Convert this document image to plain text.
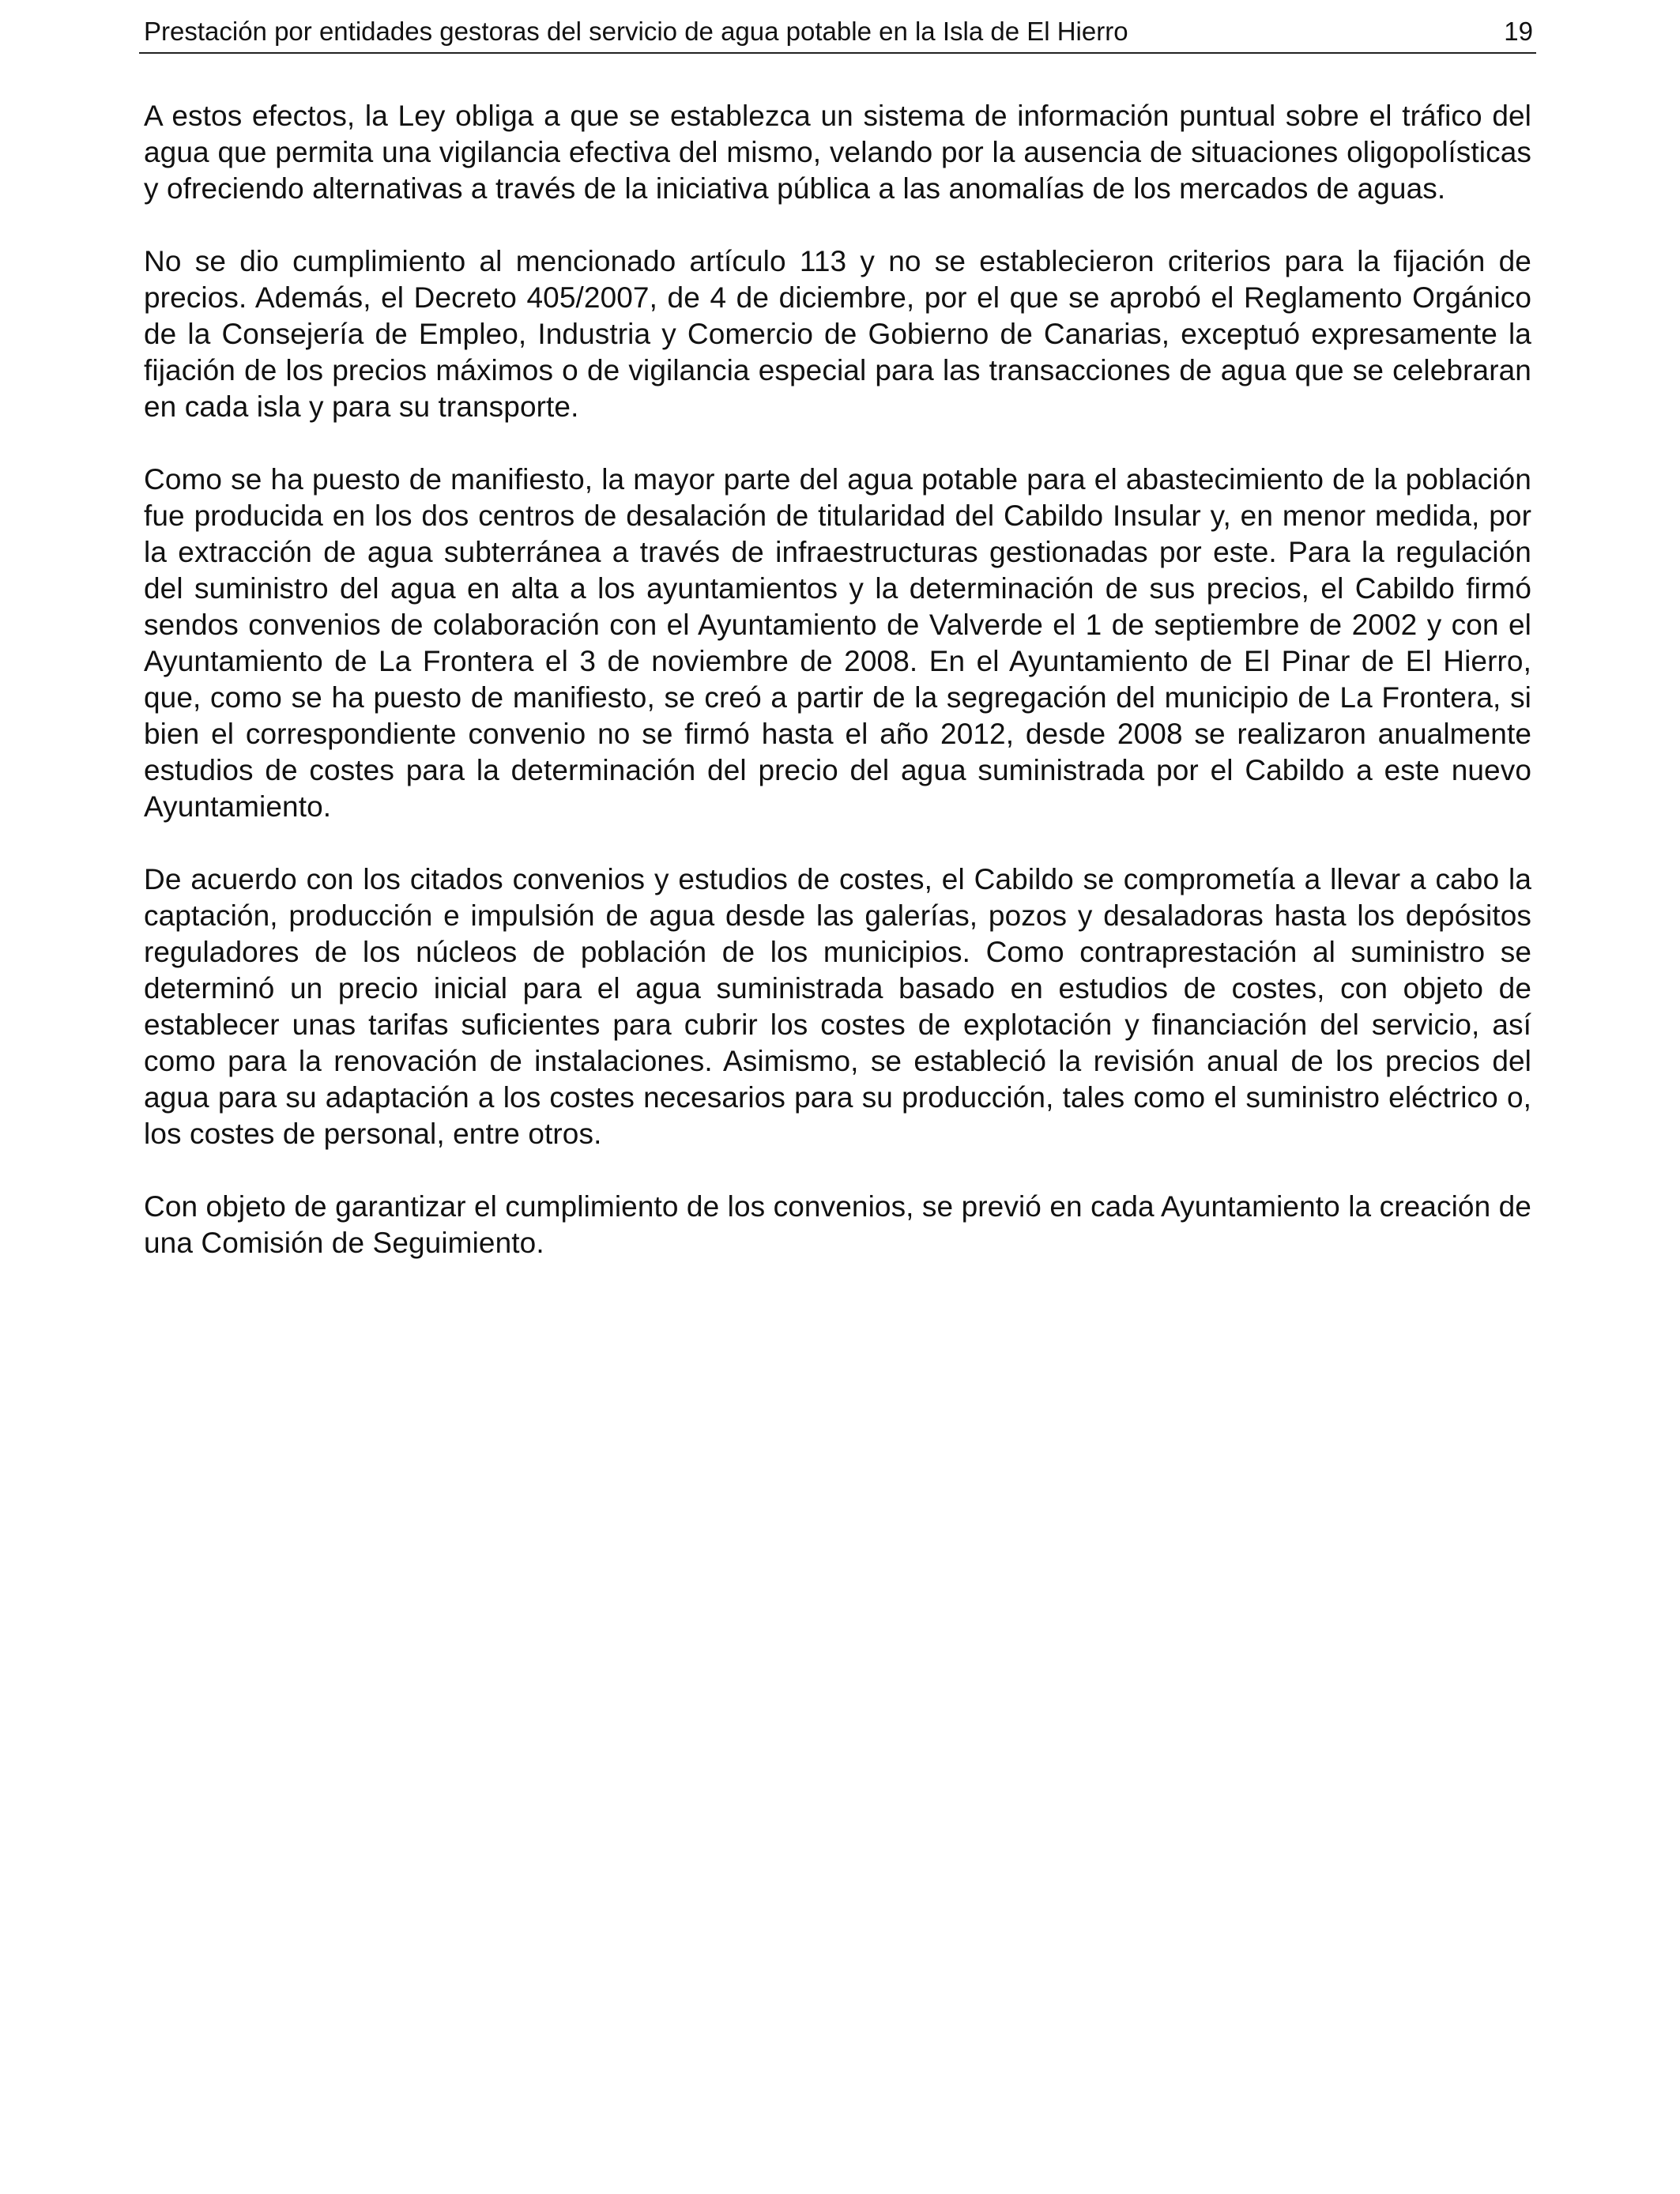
Prestación por entidades gestoras del servicio de agua potable en la Isla de El Hierro	19

A estos efectos, la Ley obliga a que se establezca un sistema de información puntual sobre el tráfico del agua que permita una vigilancia efectiva del mismo, velando por la ausencia de situaciones oligopolísticas y ofreciendo alternativas a través de la iniciativa pública a las anomalías de los mercados de aguas.

No se dio cumplimiento al mencionado artículo 113 y no se establecieron criterios para la fijación de precios. Además, el Decreto 405/2007, de 4 de diciembre, por el que se aprobó el Reglamento Orgánico de la Consejería de Empleo, Industria y Comercio de Gobierno de Canarias, exceptuó expresamente la fijación de los precios máximos o de vigilancia especial para las transacciones de agua que se celebraran en cada isla y para su transporte.

Como se ha puesto de manifiesto, la mayor parte del agua potable para el abastecimiento de la población fue producida en los dos centros de desalación de titularidad del Cabildo Insular y, en menor medida, por la extracción de agua subterránea a través de infraestructuras gestionadas por este. Para la regulación del suministro del agua en alta a los ayuntamientos y la determinación de sus precios, el Cabildo firmó sendos convenios de colaboración con el Ayuntamiento de Valverde el 1 de septiembre de 2002 y con el Ayuntamiento de La Frontera el 3 de noviembre de 2008. En el Ayuntamiento de El Pinar de El Hierro, que, como se ha puesto de manifiesto, se creó a partir de la segregación del municipio de La Frontera, si bien el correspondiente convenio no se firmó hasta el año 2012, desde 2008 se realizaron anualmente estudios de costes para la determinación del precio del agua suministrada por el Cabildo a este nuevo Ayuntamiento.

De acuerdo con los citados convenios y estudios de costes, el Cabildo se comprometía a llevar a cabo la captación, producción e impulsión de agua desde las galerías, pozos y desaladoras hasta los depósitos reguladores de los núcleos de población de los municipios. Como contraprestación al suministro se determinó un precio inicial para el agua suministrada basado en estudios de costes, con objeto de establecer unas tarifas suficientes para cubrir los costes de explotación y financiación del servicio, así como para la renovación de instalaciones. Asimismo, se estableció la revisión anual de los precios del agua para su adaptación a los costes necesarios para su producción, tales como el suministro eléctrico o, los costes de personal, entre otros.

Con objeto de garantizar el cumplimiento de los convenios, se previó en cada Ayuntamiento la creación de una Comisión de Seguimiento.
